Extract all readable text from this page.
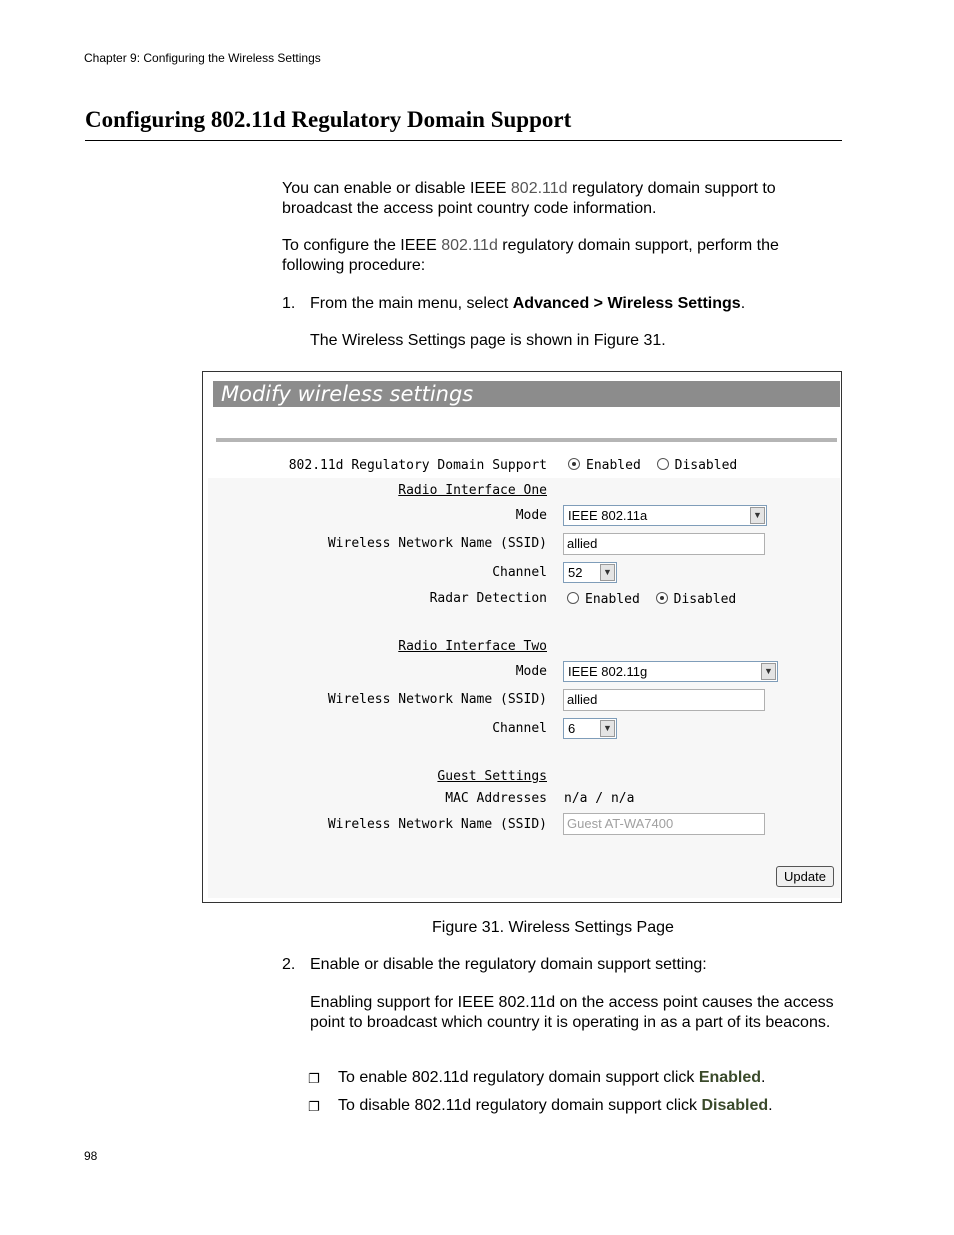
Chapter 9: Configuring the Wireless Settings
Configuring 802.11d Regulatory Domain Support
You can enable or disable IEEE 802.11d regulatory domain support to broadcast the access point country code information.
To configure the IEEE 802.11d regulatory domain support, perform the following procedure:
1. From the main menu, select Advanced > Wireless Settings.
The Wireless Settings page is shown in Figure 31.
Modify wireless settings
802.11d Regulatory Domain Support	Enabled	Disabled
Radio Interface One
Mode	IEEE 802.11a	▼
Wireless Network Name (SSID)	allied
Channel	52	▼
Radar Detection	Enabled	Disabled
Radio Interface Two
Mode	IEEE 802.11g	▼
Wireless Network Name (SSID)	allied
Channel	6	▼
Guest Settings
MAC Addresses n/a / n/a
Wireless Network Name (SSID)	Guest AT-WA7400
Update
Figure 31. Wireless Settings Page
2. Enable or disable the regulatory domain support setting:
Enabling support for IEEE 802.11d on the access point causes the access point to broadcast which country it is operating in as a part of its beacons.
❐ To enable 802.11d regulatory domain support click Enabled.
❐ To disable 802.11d regulatory domain support click Disabled.
98
